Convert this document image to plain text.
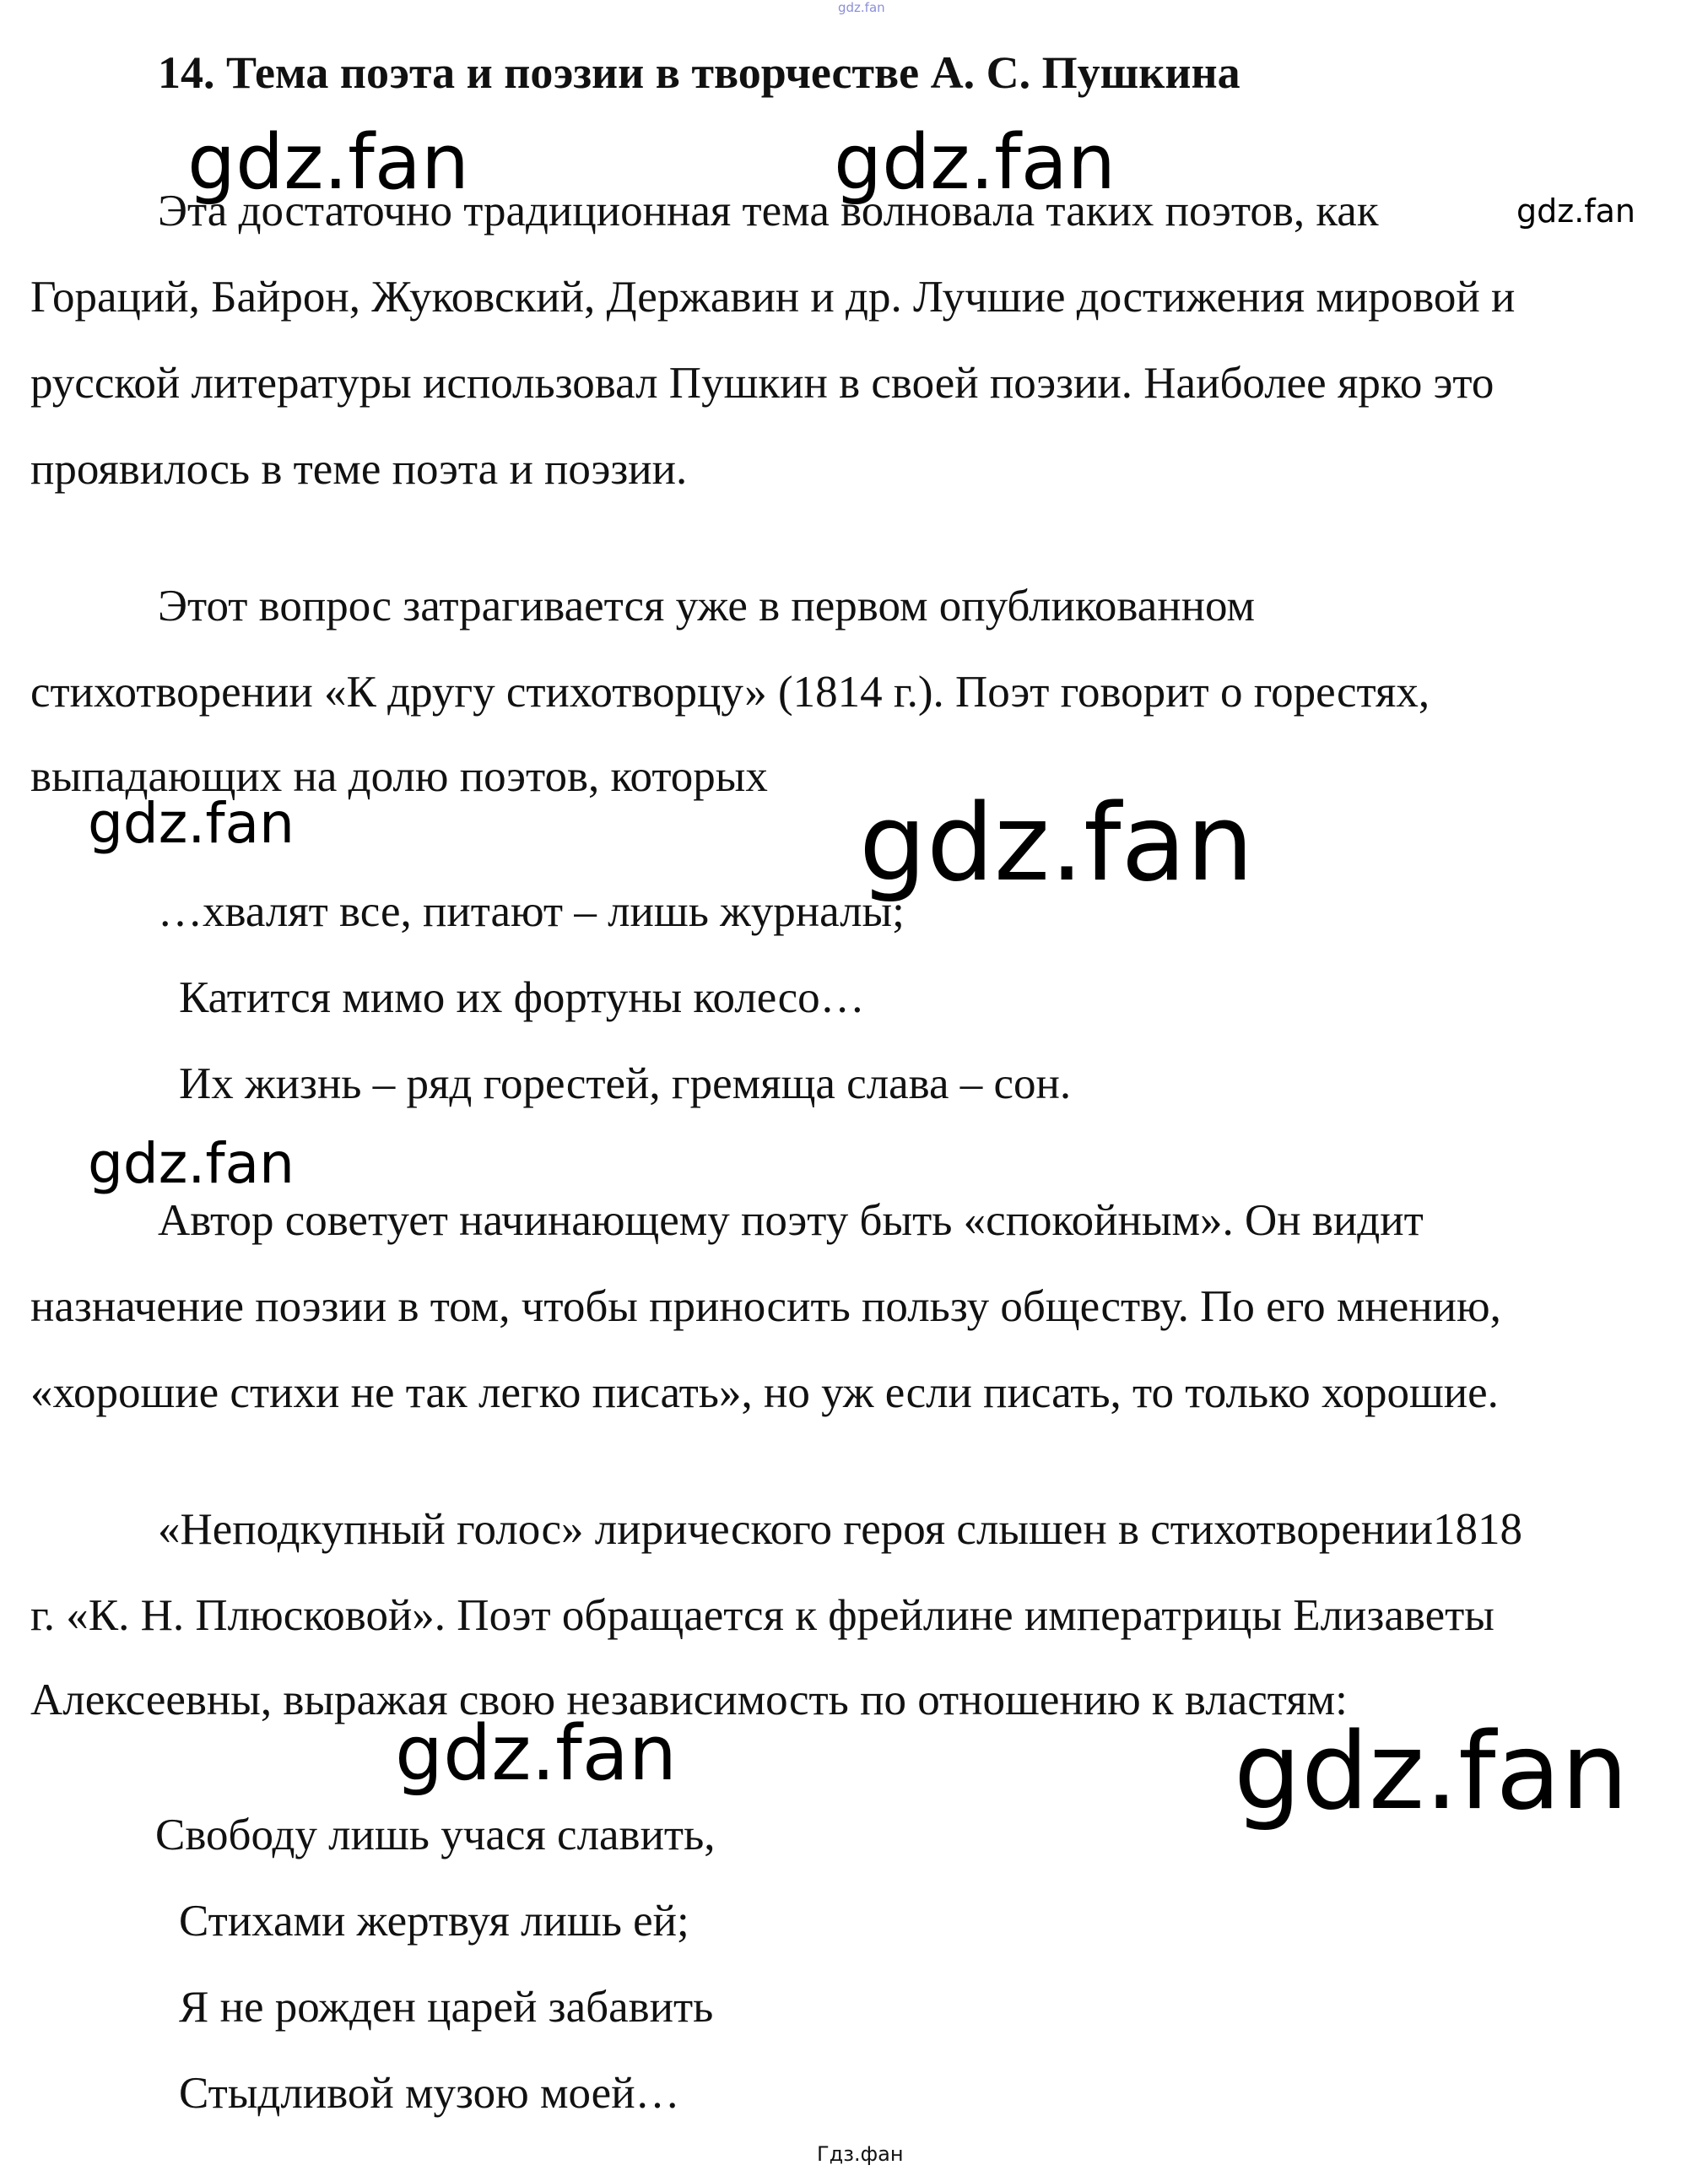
gdz.fan
14. Тема поэта и поэзии в творчестве А. С. Пушкина
Эта достаточно традиционная тема волновала таких поэтов, как
Гораций, Байрон, Жуковский, Державин и др. Лучшие достижения мировой и
русской литературы использовал Пушкин в своей поэзии. Наиболее ярко это
проявилось в теме поэта и поэзии.
Этот вопрос затрагивается уже в первом опубликованном
стихотворении «К другу стихотворцу» (1814 г.). Поэт говорит о горестях,
выпадающих на долю поэтов, которых
…хвалят все, питают – лишь журналы;
Катится мимо их фортуны колесо…
Их жизнь – ряд горестей, гремяща слава – сон.
Автор советует начинающему поэту быть «спокойным». Он видит
назначение поэзии в том, чтобы приносить пользу обществу. По его мнению,
«хорошие стихи не так легко писать», но уж если писать, то только хорошие.
«Неподкупный голос» лирического героя слышен в стихотворении1818
г. «К. Н. Плюсковой». Поэт обращается к фрейлине императрицы Елизаветы
Алексеевны, выражая свою независимость по отношению к властям:
Свободу лишь учася славить,
Стихами жертвуя лишь ей;
Я не рожден царей забавить
Стыдливой музою моей…
gdz.fan	gdz.fan
gdz.fan
gdz.fan	gdz.fan
gdz.fan
gdz.fan	gdz.fan
Гдз.фан
